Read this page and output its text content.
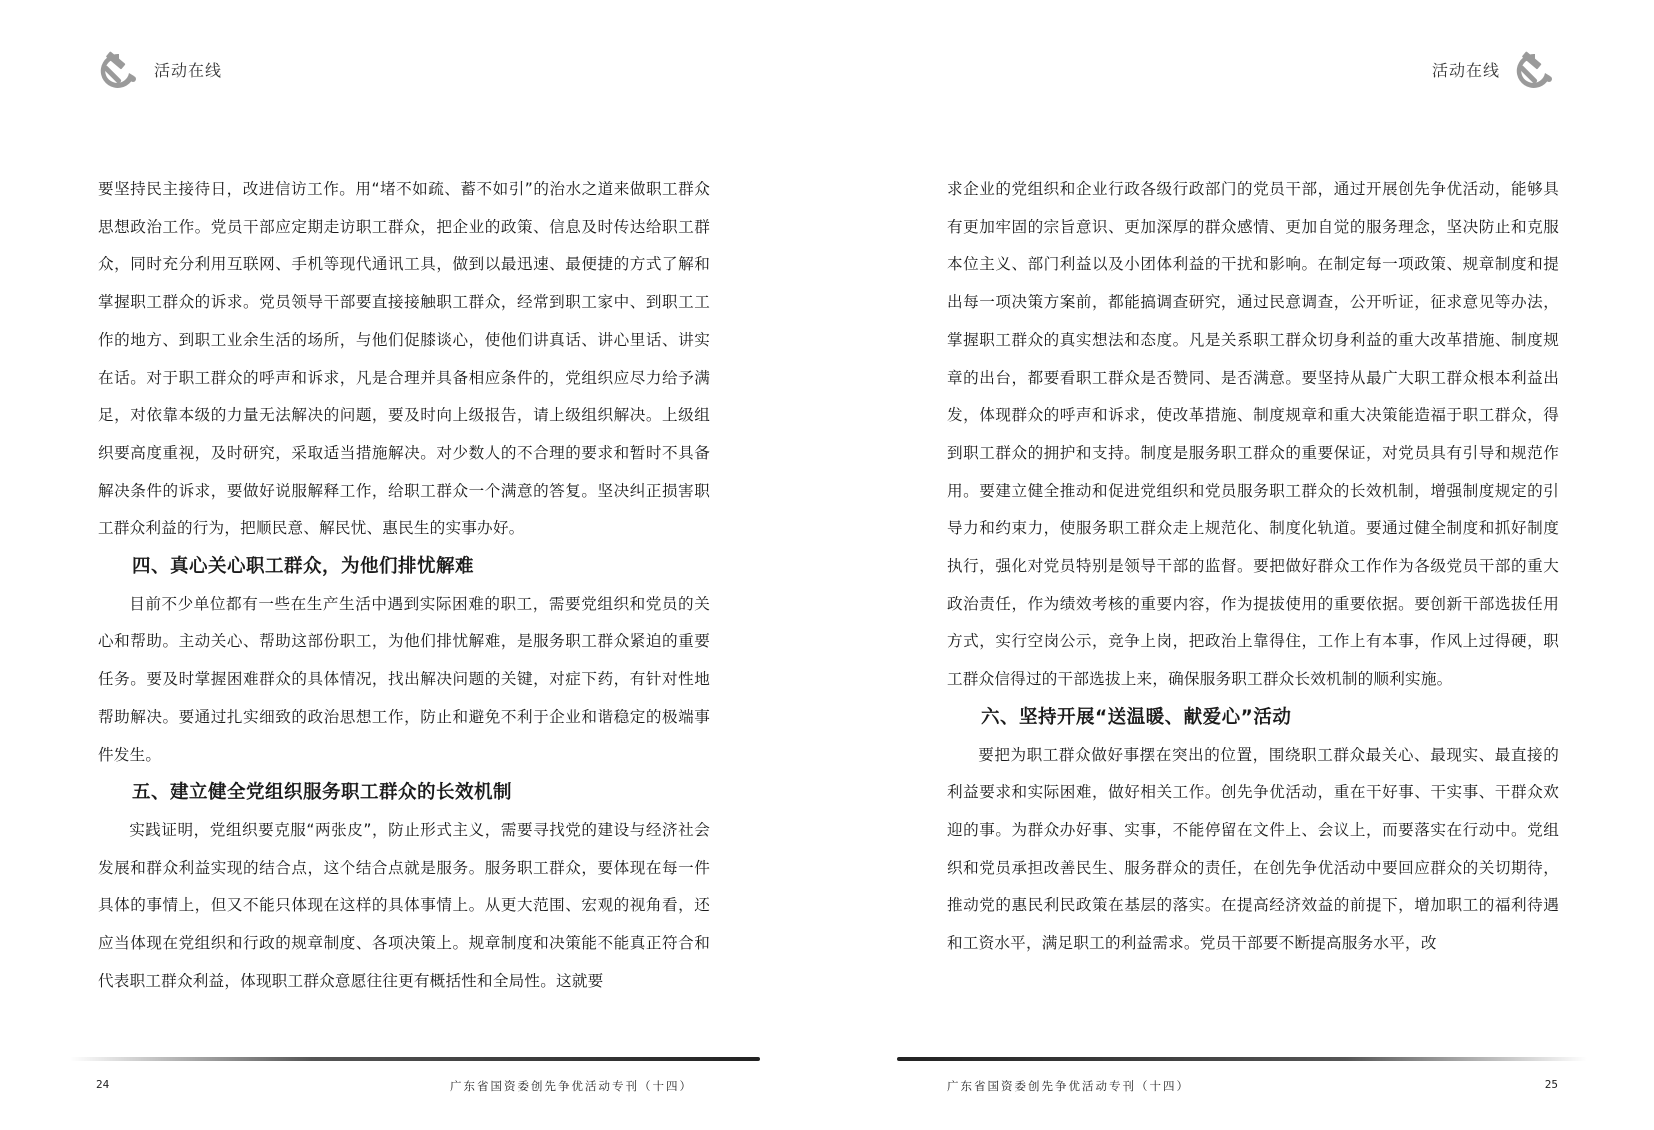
活动在线

要坚持民主接待日，改进信访工作。用“堵不如疏、蓄不如引”的治水之道来做职工群众思想政治工作。党员干部应定期走访职工群众，把企业的政策、信息及时传达给职工群众，同时充分利用互联网、手机等现代通讯工具，做到以最迅速、最便捷的方式了解和掌握职工群众的诉求。党员领导干部要直接接触职工群众，经常到职工家中、到职工工作的地方、到职工业余生活的场所，与他们促膝谈心，使他们讲真话、讲心里话、讲实在话。对于职工群众的呼声和诉求，凡是合理并具备相应条件的，党组织应尽力给予满足，对依靠本级的力量无法解决的问题，要及时向上级报告，请上级组织解决。上级组织要高度重视，及时研究，采取适当措施解决。对少数人的不合理的要求和暂时不具备解决条件的诉求，要做好说服解释工作，给职工群众一个满意的答复。坚决纠正损害职工群众利益的行为，把顺民意、解民忧、惠民生的实事办好。

四、真心关心职工群众，为他们排忧解难

目前不少单位都有一些在生产生活中遇到实际困难的职工，需要党组织和党员的关心和帮助。主动关心、帮助这部份职工，为他们排忧解难，是服务职工群众紧迫的重要任务。要及时掌握困难群众的具体情况，找出解决问题的关键，对症下药，有针对性地帮助解决。要通过扎实细致的政治思想工作，防止和避免不利于企业和谐稳定的极端事件发生。

五、建立健全党组织服务职工群众的长效机制

实践证明，党组织要克服“两张皮”，防止形式主义，需要寻找党的建设与经济社会发展和群众利益实现的结合点，这个结合点就是服务。服务职工群众，要体现在每一件具体的事情上，但又不能只体现在这样的具体事情上。从更大范围、宏观的视角看，还应当体现在党组织和行政的规章制度、各项决策上。规章制度和决策能不能真正符合和代表职工群众利益，体现职工群众意愿往往更有概括性和全局性。这就要

24	广东省国资委创先争优活动专刊（十四）
活动在线

求企业的党组织和企业行政各级行政部门的党员干部，通过开展创先争优活动，能够具有更加牢固的宗旨意识、更加深厚的群众感情、更加自觉的服务理念，坚决防止和克服本位主义、部门利益以及小团体利益的干扰和影响。在制定每一项政策、规章制度和提出每一项决策方案前，都能搞调查研究，通过民意调查，公开听证，征求意见等办法，掌握职工群众的真实想法和态度。凡是关系职工群众切身利益的重大改革措施、制度规章的出台，都要看职工群众是否赞同、是否满意。要坚持从最广大职工群众根本利益出发，体现群众的呼声和诉求，使改革措施、制度规章和重大决策能造福于职工群众，得到职工群众的拥护和支持。制度是服务职工群众的重要保证，对党员具有引导和规范作用。要建立健全推动和促进党组织和党员服务职工群众的长效机制，增强制度规定的引导力和约束力，使服务职工群众走上规范化、制度化轨道。要通过健全制度和抓好制度执行，强化对党员特别是领导干部的监督。要把做好群众工作作为各级党员干部的重大政治责任，作为绩效考核的重要内容，作为提拔使用的重要依据。要创新干部选拔任用方式，实行空岗公示，竞争上岗，把政治上靠得住，工作上有本事，作风上过得硬，职工群众信得过的干部选拔上来，确保服务职工群众长效机制的顺利实施。

六、坚持开展“送温暖、献爱心”活动

要把为职工群众做好事摆在突出的位置，围绕职工群众最关心、最现实、最直接的利益要求和实际困难，做好相关工作。创先争优活动，重在干好事、干实事、干群众欢迎的事。为群众办好事、实事，不能停留在文件上、会议上，而要落实在行动中。党组织和党员承担改善民生、服务群众的责任，在创先争优活动中要回应群众的关切期待，推动党的惠民利民政策在基层的落实。在提高经济效益的前提下，增加职工的福利待遇和工资水平，满足职工的利益需求。党员干部要不断提高服务水平，改

广东省国资委创先争优活动专刊（十四）	25
